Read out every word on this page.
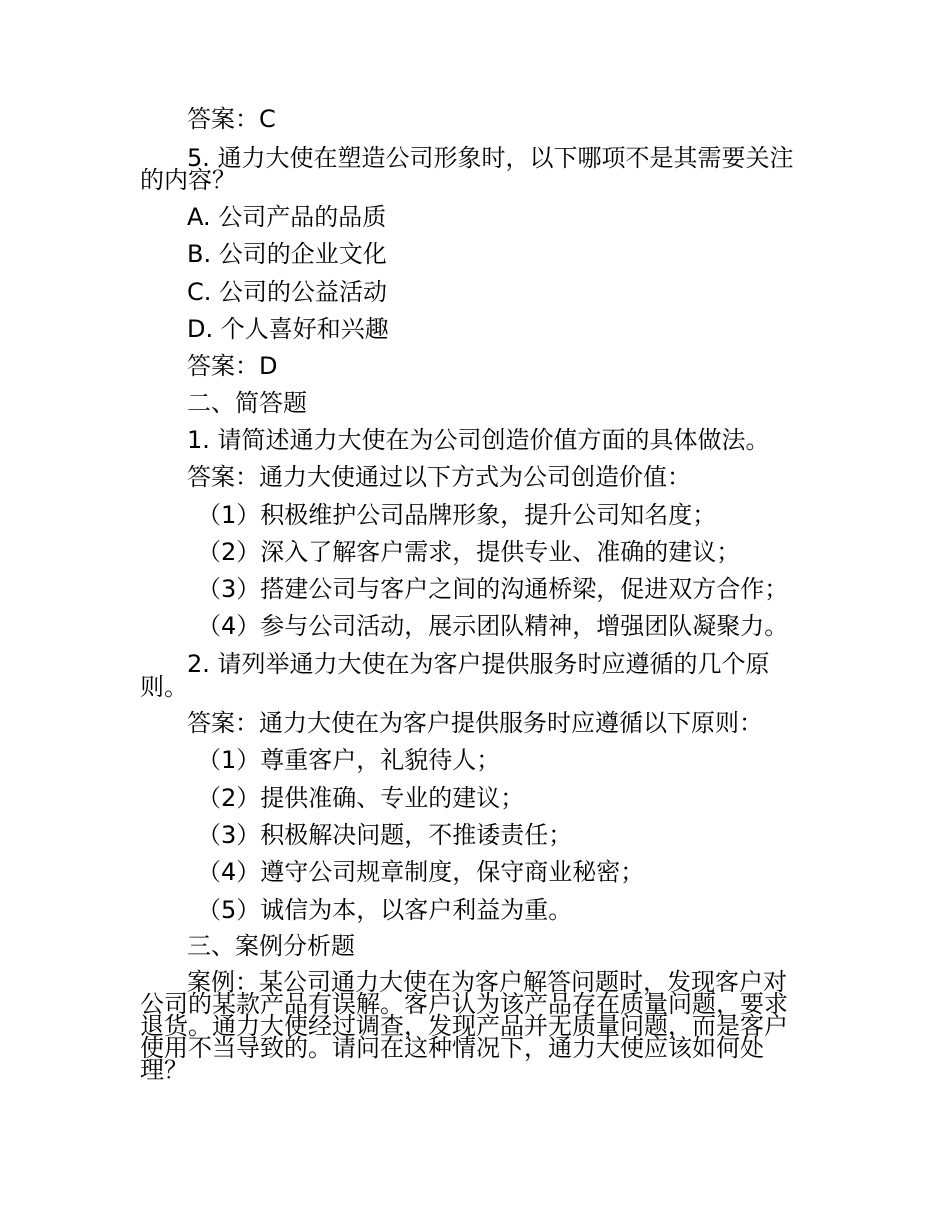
答案：C
5. 通力大使在塑造公司形象时，以下哪项不是其需要关注
的内容？
A. 公司产品的品质
B. 公司的企业文化
C. 公司的公益活动
D. 个人喜好和兴趣
答案：D
二、简答题
1. 请简述通力大使在为公司创造价值方面的具体做法。
答案：通力大使通过以下方式为公司创造价值：
（1）积极维护公司品牌形象，提升公司知名度；
（2）深入了解客户需求，提供专业、准确的建议；
（3）搭建公司与客户之间的沟通桥梁，促进双方合作；
（4）参与公司活动，展示团队精神，增强团队凝聚力。
2. 请列举通力大使在为客户提供服务时应遵循的几个原
则。
答案：通力大使在为客户提供服务时应遵循以下原则：
（1）尊重客户，礼貌待人；
（2）提供准确、专业的建议；
（3）积极解决问题，不推诿责任；
（4）遵守公司规章制度，保守商业秘密；
（5）诚信为本，以客户利益为重。
三、案例分析题
案例：某公司通力大使在为客户解答问题时，发现客户对
公司的某款产品有误解。客户认为该产品存在质量问题，要求
退货。通力大使经过调查，发现产品并无质量问题，而是客户
使用不当导致的。请问在这种情况下，通力大使应该如何处
理？
